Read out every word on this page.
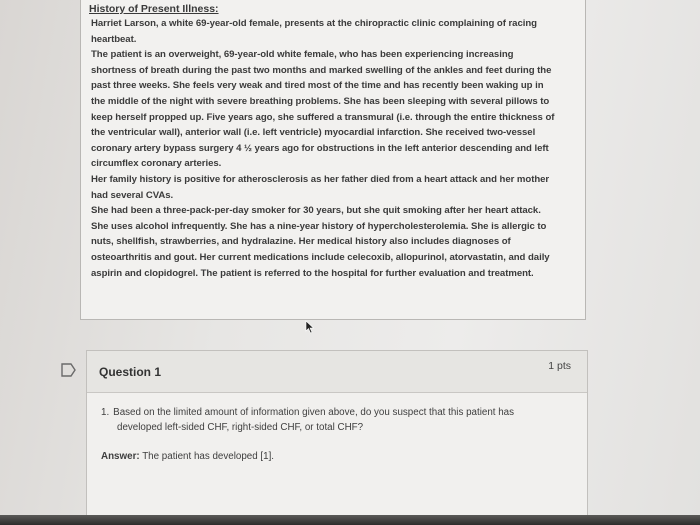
History of Present Illness:
Harriet Larson, a white 69-year-old female, presents at the chiropractic clinic complaining of racing
heartbeat.
The patient is an overweight, 69-year-old white female, who has been experiencing increasing
shortness of breath during the past two months and marked swelling of the ankles and feet during the
past three weeks. She feels very weak and tired most of the time and has recently been waking up in
the middle of the night with severe breathing problems. She has been sleeping with several pillows to
keep herself propped up. Five years ago, she suffered a transmural (i.e. through the entire thickness of
the ventricular wall), anterior wall (i.e. left ventricle) myocardial infarction. She received two-vessel
coronary artery bypass surgery 4 ½ years ago for obstructions in the left anterior descending and left
circumflex coronary arteries.
Her family history is positive for atherosclerosis as her father died from a heart attack and her mother
had several CVAs.
She had been a three-pack-per-day smoker for 30 years, but she quit smoking after her heart attack.
She uses alcohol infrequently. She has a nine-year history of hypercholesterolemia. She is allergic to
nuts, shellfish, strawberries, and hydralazine. Her medical history also includes diagnoses of
osteoarthritis and gout. Her current medications include celecoxib, allopurinol, atorvastatin, and daily
aspirin and clopidogrel. The patient is referred to the hospital for further evaluation and treatment.
Question 1	1 pts
1. Based on the limited amount of information given above, do you suspect that this patient has
developed left-sided CHF, right-sided CHF, or total CHF?
Answer: The patient has developed [1].
